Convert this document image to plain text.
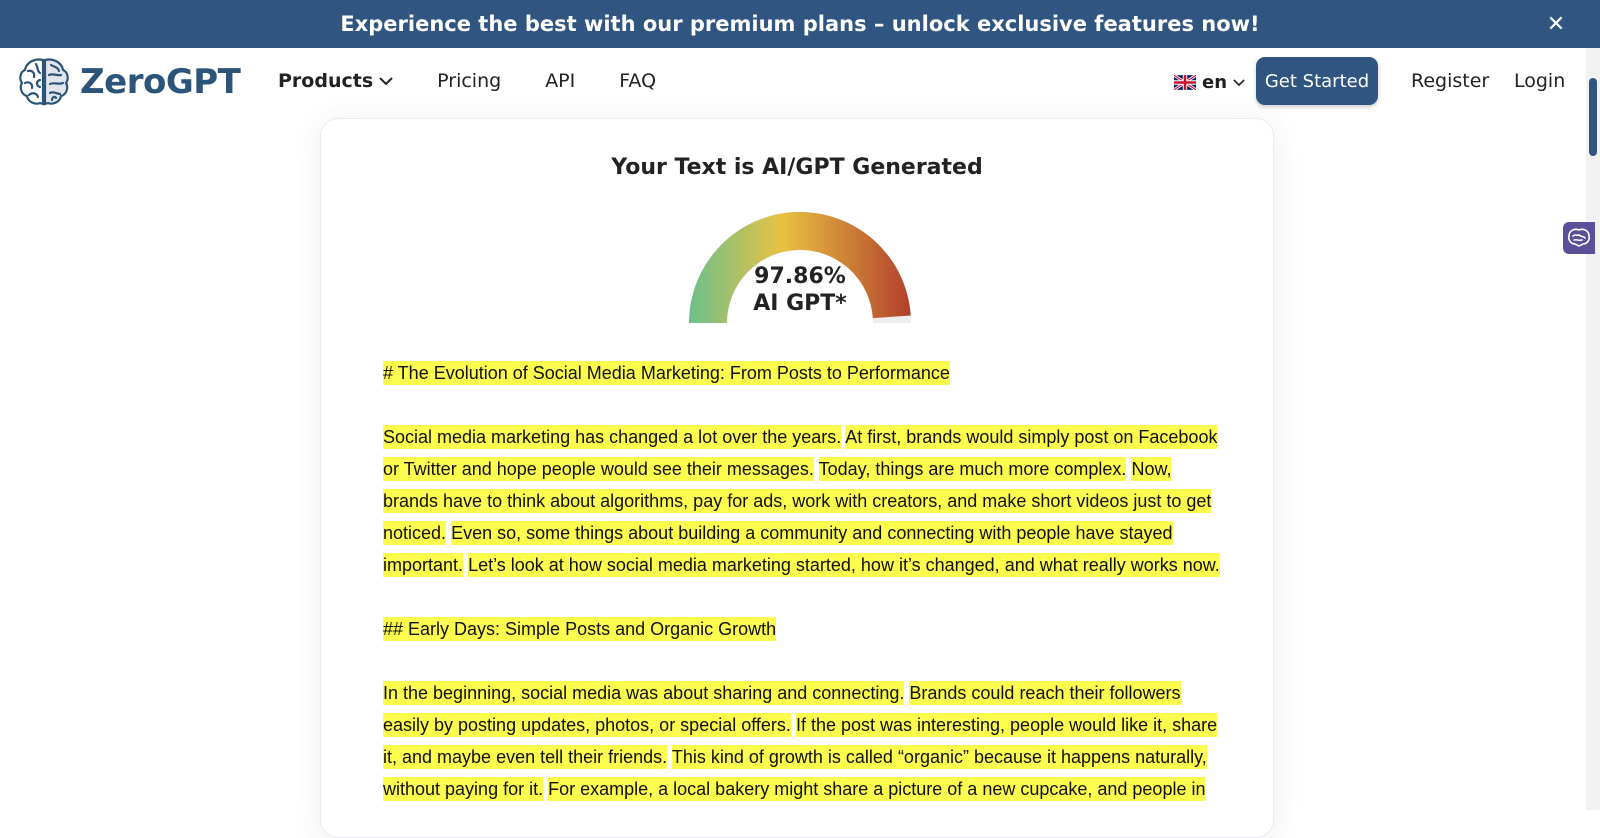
Experience the best with our premium plans – unlock exclusive features now!	✕
ZeroGPT Products	Pricing API FAQ	en	Get Started	Register Login
Your Text is AI/GPT Generated
97.86%
AI GPT*
# The Evolution of Social Media Marketing: From Posts to Performance
Social media marketing has changed a lot over the years. At first, brands would simply post on Facebook or Twitter and hope people would see their messages. Today, things are much more complex. Now, brands have to think about algorithms, pay for ads, work with creators, and make short videos just to get noticed. Even so, some things about building a community and connecting with people have stayed important. Let’s look at how social media marketing started, how it’s changed, and what really works now.
## Early Days: Simple Posts and Organic Growth
In the beginning, social media was about sharing and connecting. Brands could reach their followers easily by posting updates, photos, or special offers. If the post was interesting, people would like it, share it, and maybe even tell their friends. This kind of growth is called “organic” because it happens naturally, without paying for it. For example, a local bakery might share a picture of a new cupcake, and people in
